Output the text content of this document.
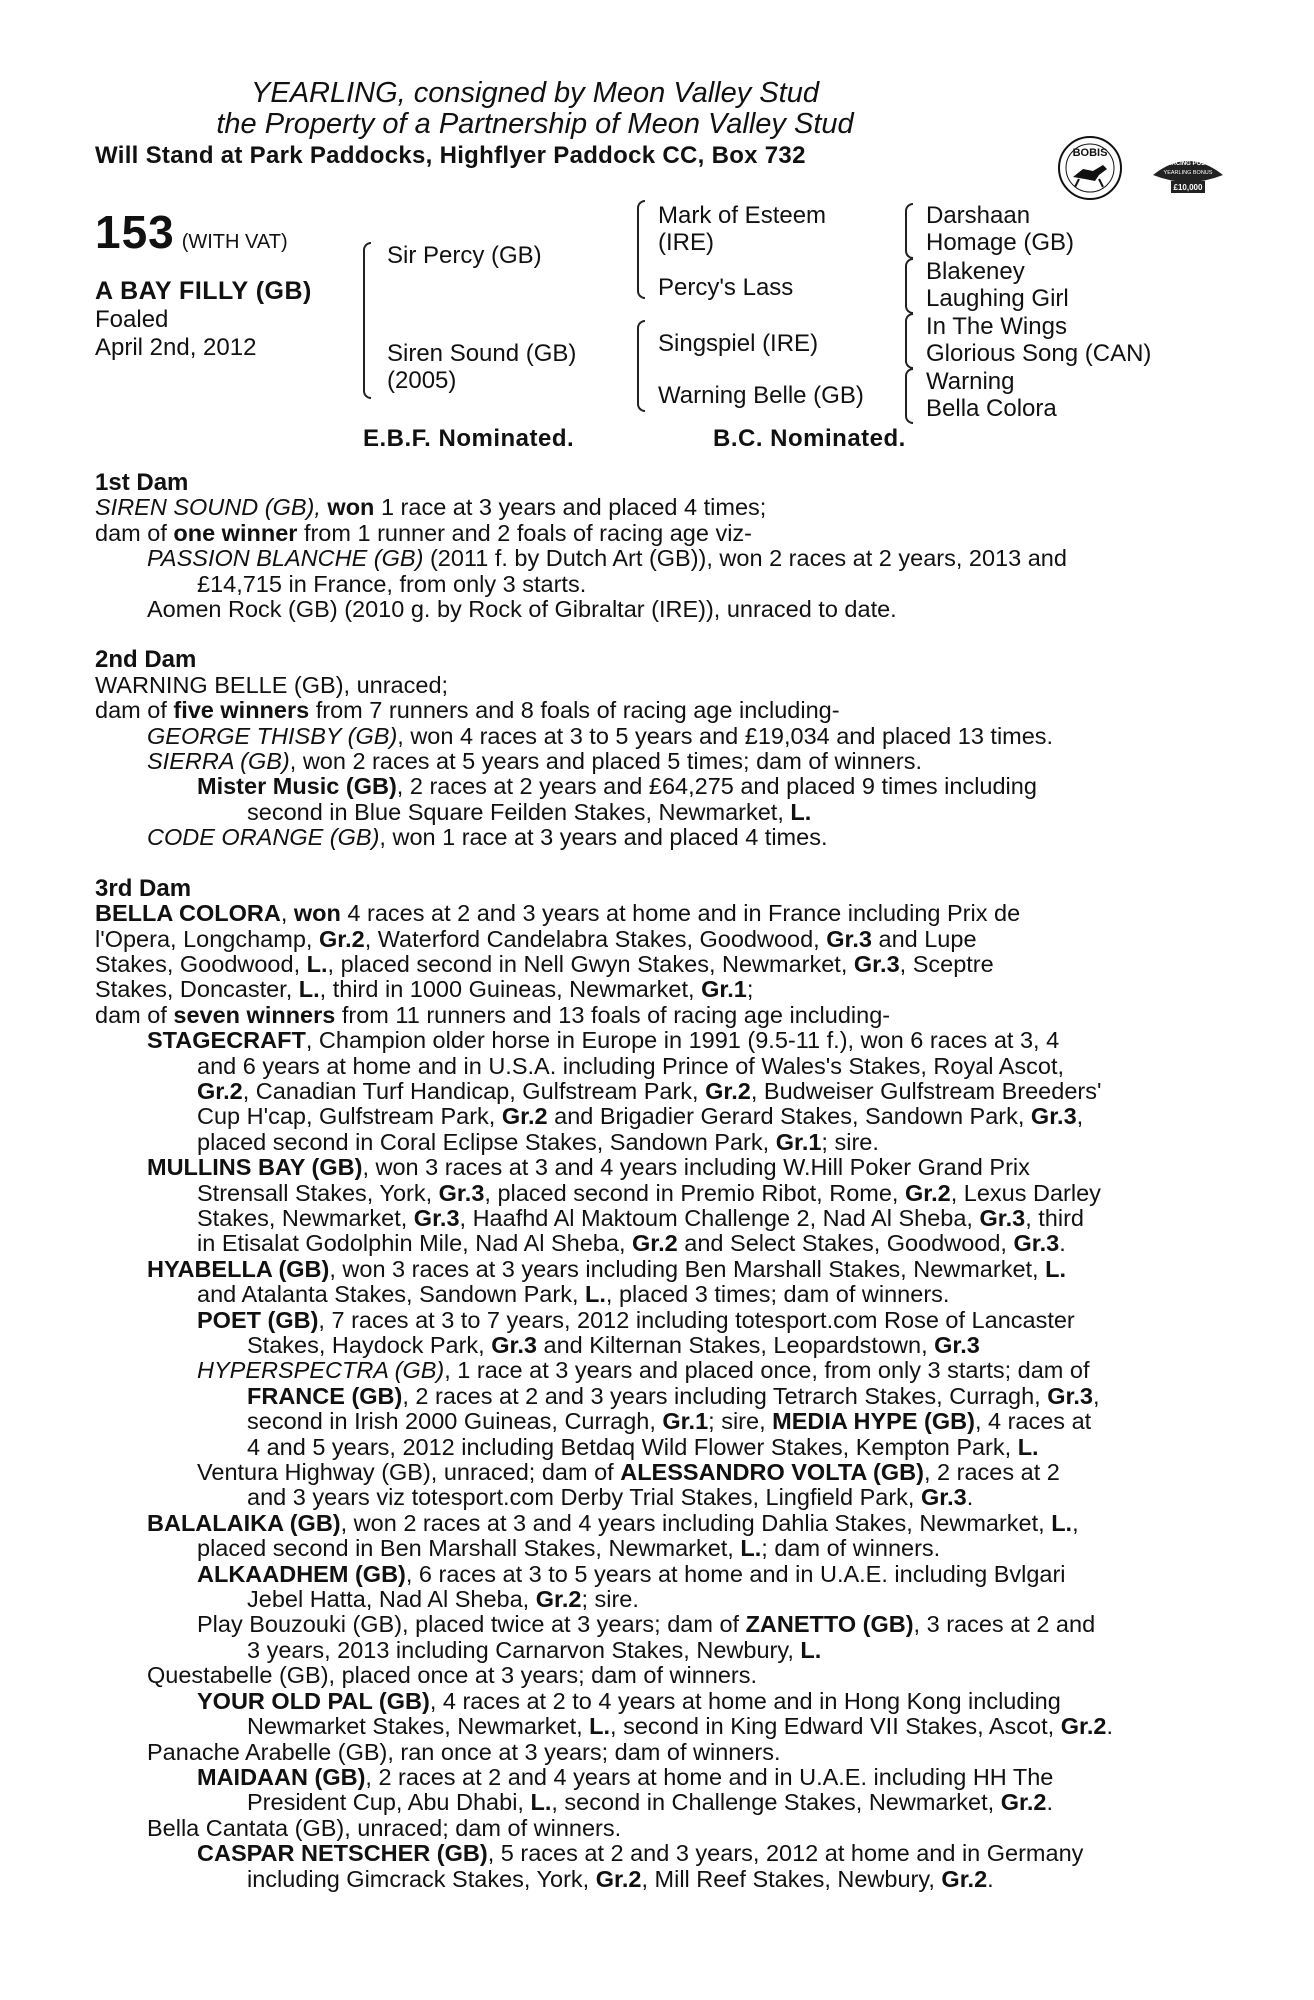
YEARLING, consigned by Meon Valley Stud
the Property of a Partnership of Meon Valley Stud
Will Stand at Park Paddocks, Highflyer Paddock CC, Box 732	BOBIS
RACING POST
YEARLING BONUS
£10,000
153 (WITH VAT)
A BAY FILLY (GB)
Foaled
April 2nd, 2012
Sir Percy (GB)
Siren Sound (GB)
(2005)
Mark of Esteem
(IRE)
Percy's Lass
Singspiel (IRE)
Warning Belle (GB)
Darshaan
Homage (GB)
Blakeney
Laughing Girl
In The Wings
Glorious Song (CAN)
Warning
Bella Colora
E.B.F. Nominated.	B.C. Nominated.
1st Dam
SIREN SOUND (GB), won 1 race at 3 years and placed 4 times;
dam of one winner from 1 runner and 2 foals of racing age viz-
PASSION BLANCHE (GB) (2011 f. by Dutch Art (GB)), won 2 races at 2 years, 2013 and
£14,715 in France, from only 3 starts.
Aomen Rock (GB) (2010 g. by Rock of Gibraltar (IRE)), unraced to date.
2nd Dam
WARNING BELLE (GB), unraced;
dam of five winners from 7 runners and 8 foals of racing age including-
GEORGE THISBY (GB), won 4 races at 3 to 5 years and £19,034 and placed 13 times.
SIERRA (GB), won 2 races at 5 years and placed 5 times; dam of winners.
Mister Music (GB), 2 races at 2 years and £64,275 and placed 9 times including
second in Blue Square Feilden Stakes, Newmarket, L.
CODE ORANGE (GB), won 1 race at 3 years and placed 4 times.
3rd Dam
BELLA COLORA, won 4 races at 2 and 3 years at home and in France including Prix de
l'Opera, Longchamp, Gr.2, Waterford Candelabra Stakes, Goodwood, Gr.3 and Lupe
Stakes, Goodwood, L., placed second in Nell Gwyn Stakes, Newmarket, Gr.3, Sceptre
Stakes, Doncaster, L., third in 1000 Guineas, Newmarket, Gr.1;
dam of seven winners from 11 runners and 13 foals of racing age including-
STAGECRAFT, Champion older horse in Europe in 1991 (9.5-11 f.), won 6 races at 3, 4
and 6 years at home and in U.S.A. including Prince of Wales's Stakes, Royal Ascot,
Gr.2, Canadian Turf Handicap, Gulfstream Park, Gr.2, Budweiser Gulfstream Breeders'
Cup H'cap, Gulfstream Park, Gr.2 and Brigadier Gerard Stakes, Sandown Park, Gr.3,
placed second in Coral Eclipse Stakes, Sandown Park, Gr.1; sire.
MULLINS BAY (GB), won 3 races at 3 and 4 years including W.Hill Poker Grand Prix
Strensall Stakes, York, Gr.3, placed second in Premio Ribot, Rome, Gr.2, Lexus Darley
Stakes, Newmarket, Gr.3, Haafhd Al Maktoum Challenge 2, Nad Al Sheba, Gr.3, third
in Etisalat Godolphin Mile, Nad Al Sheba, Gr.2 and Select Stakes, Goodwood, Gr.3.
HYABELLA (GB), won 3 races at 3 years including Ben Marshall Stakes, Newmarket, L.
and Atalanta Stakes, Sandown Park, L., placed 3 times; dam of winners.
POET (GB), 7 races at 3 to 7 years, 2012 including totesport.com Rose of Lancaster
Stakes, Haydock Park, Gr.3 and Kilternan Stakes, Leopardstown, Gr.3
HYPERSPECTRA (GB), 1 race at 3 years and placed once, from only 3 starts; dam of
FRANCE (GB), 2 races at 2 and 3 years including Tetrarch Stakes, Curragh, Gr.3,
second in Irish 2000 Guineas, Curragh, Gr.1; sire, MEDIA HYPE (GB), 4 races at
4 and 5 years, 2012 including Betdaq Wild Flower Stakes, Kempton Park, L.
Ventura Highway (GB), unraced; dam of ALESSANDRO VOLTA (GB), 2 races at 2
and 3 years viz totesport.com Derby Trial Stakes, Lingfield Park, Gr.3.
BALALAIKA (GB), won 2 races at 3 and 4 years including Dahlia Stakes, Newmarket, L.,
placed second in Ben Marshall Stakes, Newmarket, L.; dam of winners.
ALKAADHEM (GB), 6 races at 3 to 5 years at home and in U.A.E. including Bvlgari
Jebel Hatta, Nad Al Sheba, Gr.2; sire.
Play Bouzouki (GB), placed twice at 3 years; dam of ZANETTO (GB), 3 races at 2 and
3 years, 2013 including Carnarvon Stakes, Newbury, L.
Questabelle (GB), placed once at 3 years; dam of winners.
YOUR OLD PAL (GB), 4 races at 2 to 4 years at home and in Hong Kong including
Newmarket Stakes, Newmarket, L., second in King Edward VII Stakes, Ascot, Gr.2.
Panache Arabelle (GB), ran once at 3 years; dam of winners.
MAIDAAN (GB), 2 races at 2 and 4 years at home and in U.A.E. including HH The
President Cup, Abu Dhabi, L., second in Challenge Stakes, Newmarket, Gr.2.
Bella Cantata (GB), unraced; dam of winners.
CASPAR NETSCHER (GB), 5 races at 2 and 3 years, 2012 at home and in Germany
including Gimcrack Stakes, York, Gr.2, Mill Reef Stakes, Newbury, Gr.2.
